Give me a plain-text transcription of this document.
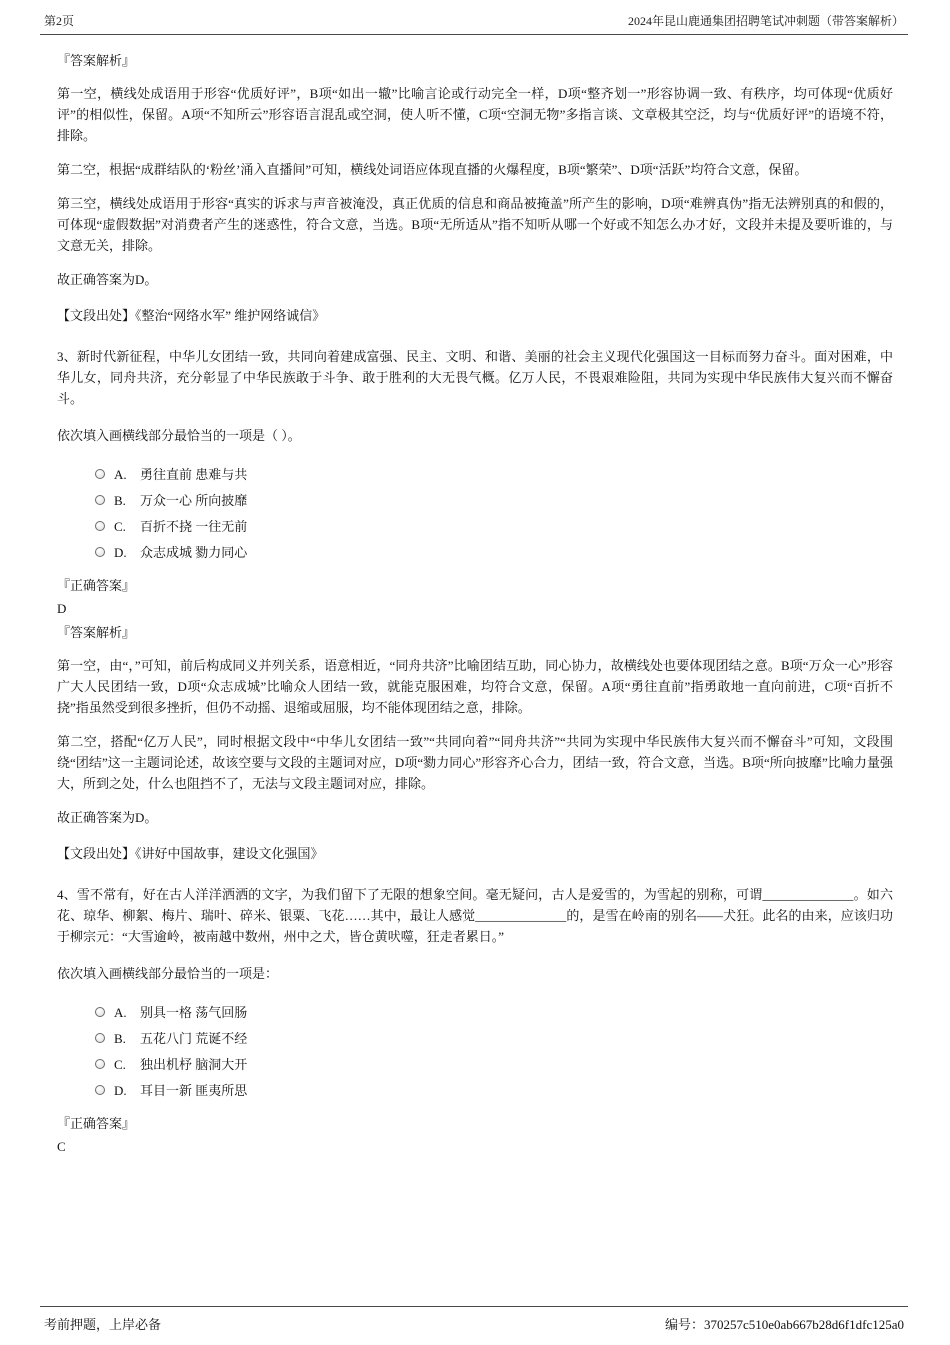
第2页	2024年昆山鹿通集团招聘笔试冲刺题（带答案解析）
『答案解析』
第一空，横线处成语用于形容“优质好评”，B项“如出一辙”比喻言论或行动完全一样，D项“整齐划一”形容协调一致、有秩序，均可体现“优质好评”的相似性，保留。A项“不知所云”形容语言混乱或空洞，使人听不懂，C项“空洞无物”多指言谈、文章极其空泛，均与“优质好评”的语境不符，排除。
第二空，根据“成群结队的‘粉丝’涌入直播间”可知，横线处词语应体现直播的火爆程度，B项“繁荣”、D项“活跃”均符合文意，保留。
第三空，横线处成语用于形容“真实的诉求与声音被淹没，真正优质的信息和商品被掩盖”所产生的影响，D项“难辨真伪”指无法辨别真的和假的，可体现“虚假数据”对消费者产生的迷惑性，符合文意，当选。B项“无所适从”指不知听从哪一个好或不知怎么办才好，文段并未提及要听谁的，与文意无关，排除。
故正确答案为D。
【文段出处】《整治“网络水军” 维护网络诚信》
3、新时代新征程，中华儿女团结一致，共同向着建成富强、民主、文明、和谐、美丽的社会主义现代化强国这一目标而努力奋斗。面对困难，中华儿女，同舟共济，充分彰显了中华民族敢于斗争、敢于胜利的大无畏气概。亿万人民，不畏艰难险阻，共同为实现中华民族伟大复兴而不懈奋斗。
依次填入画横线部分最恰当的一项是（ ）。
A.	勇往直前 患难与共
B.	万众一心 所向披靡
C.	百折不挠 一往无前
D.	众志成城 勠力同心
『正确答案』
D
『答案解析』
第一空，由“，”可知，前后构成同义并列关系，语意相近，“同舟共济”比喻团结互助，同心协力，故横线处也要体现团结之意。B项“万众一心”形容广大人民团结一致，D项“众志成城”比喻众人团结一致，就能克服困难，均符合文意，保留。A项“勇往直前”指勇敢地一直向前进，C项“百折不挠”指虽然受到很多挫折，但仍不动摇、退缩或屈服，均不能体现团结之意，排除。
第二空，搭配“亿万人民”，同时根据文段中“中华儿女团结一致”“共同向着”“同舟共济”“共同为实现中华民族伟大复兴而不懈奋斗”可知，文段围绕“团结”这一主题词论述，故该空要与文段的主题词对应，D项“勠力同心”形容齐心合力，团结一致，符合文意，当选。B项“所向披靡”比喻力量强大，所到之处，什么也阻挡不了，无法与文段主题词对应，排除。
故正确答案为D。
【文段出处】《讲好中国故事，建设文化强国》
4、雪不常有，好在古人洋洋洒洒的文字，为我们留下了无限的想象空间。毫无疑问，古人是爱雪的，为雪起的别称，可谓______________。如六花、琼华、柳絮、梅片、瑞叶、碎米、银粟、飞花……其中，最让人感觉______________的，是雪在岭南的别名——犬狂。此名的由来，应该归功于柳宗元：“大雪逾岭，被南越中数州，州中之犬，皆仓黄吠噬，狂走者累日。”
依次填入画横线部分最恰当的一项是：
A.	别具一格 荡气回肠
B.	五花八门 荒诞不经
C.	独出机杼 脑洞大开
D.	耳目一新 匪夷所思
『正确答案』
C
考前押题，上岸必备	编号：370257c510e0ab667b28d6f1dfc125a0
